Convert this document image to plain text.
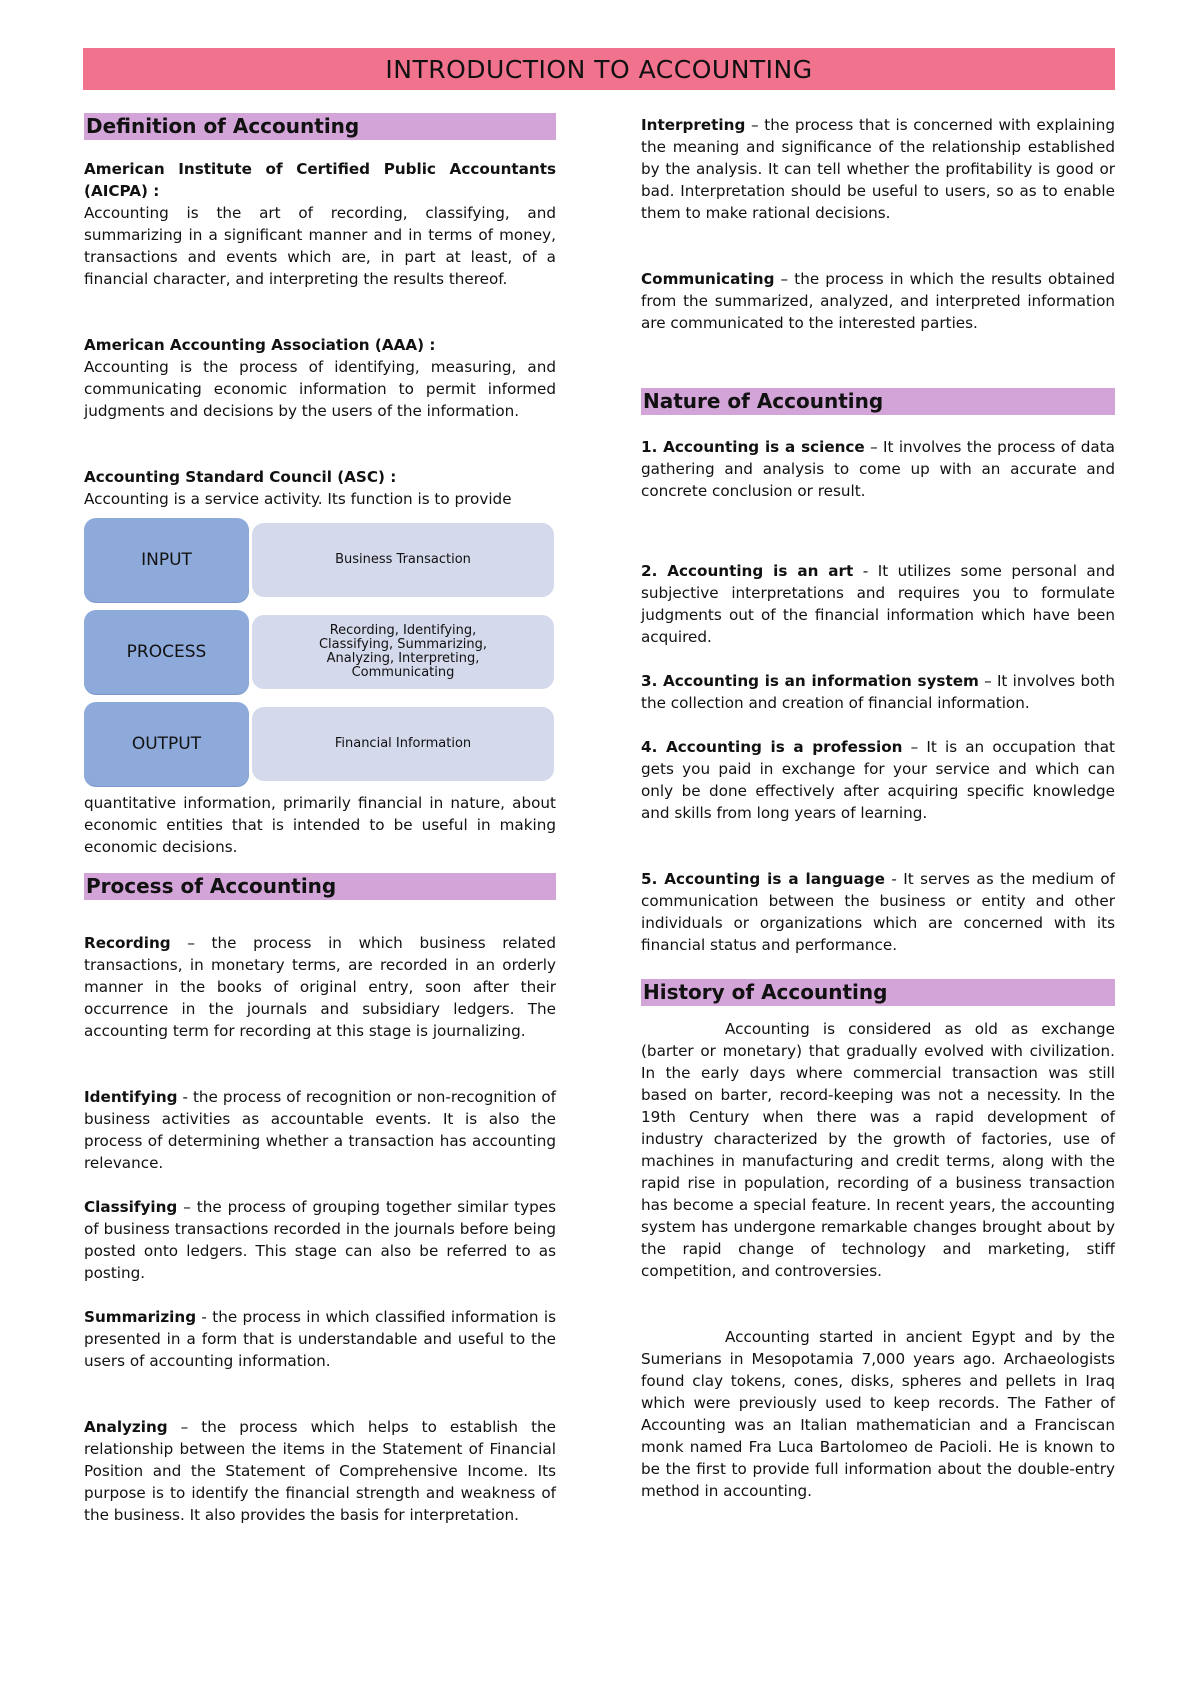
INTRODUCTION TO ACCOUNTING
Definition of Accounting

American Institute of Certified Public Accountants (AICPA) :
Accounting is the art of recording, classifying, and summarizing in a significant manner and in terms of money, transactions and events which are, in part at least, of a financial character, and interpreting the results thereof.

American Accounting Association (AAA) :
Accounting is the process of identifying, measuring, and communicating economic information to permit informed judgments and decisions by the users of the information.

Accounting Standard Council (ASC) :
Accounting is a service activity. Its function is to provide

INPUT	Business Transaction
PROCESS
Recording, Identifying, Classifying, Summarizing, Analyzing, Interpreting, Communicating
OUTPUT	Financial Information

quantitative information, primarily financial in nature, about economic entities that is intended to be useful in making economic decisions.

Process of Accounting

Recording – the process in which business related transactions, in monetary terms, are recorded in an orderly manner in the books of original entry, soon after their occurrence in the journals and subsidiary ledgers. The accounting term for recording at this stage is journalizing.

Identifying - the process of recognition or non-recognition of business activities as accountable events. It is also the process of determining whether a transaction has accounting relevance.

Classifying – the process of grouping together similar types of business transactions recorded in the journals before being posted onto ledgers. This stage can also be referred to as posting.

Summarizing - the process in which classified information is presented in a form that is understandable and useful to the users of accounting information.

Analyzing – the process which helps to establish the relationship between the items in the Statement of Financial Position and the Statement of Comprehensive Income. Its purpose is to identify the financial strength and weakness of the business. It also provides the basis for interpretation.

Interpreting – the process that is concerned with explaining the meaning and significance of the relationship established by the analysis. It can tell whether the profitability is good or bad. Interpretation should be useful to users, so as to enable them to make rational decisions.

Communicating – the process in which the results obtained from the summarized, analyzed, and interpreted information are communicated to the interested parties.

Nature of Accounting

1. Accounting is a science – It involves the process of data gathering and analysis to come up with an accurate and concrete conclusion or result.

2. Accounting is an art - It utilizes some personal and subjective interpretations and requires you to formulate judgments out of the financial information which have been acquired.

3. Accounting is an information system – It involves both the collection and creation of financial information.

4. Accounting is a profession – It is an occupation that gets you paid in exchange for your service and which can only be done effectively after acquiring specific knowledge and skills from long years of learning.

5. Accounting is a language - It serves as the medium of communication between the business or entity and other individuals or organizations which are concerned with its financial status and performance.

History of Accounting

Accounting is considered as old as exchange (barter or monetary) that gradually evolved with civilization. In the early days where commercial transaction was still based on barter, record-keeping was not a necessity. In the 19th Century when there was a rapid development of industry characterized by the growth of factories, use of machines in manufacturing and credit terms, along with the rapid rise in population, recording of a business transaction has become a special feature. In recent years, the accounting system has undergone remarkable changes brought about by the rapid change of technology and marketing, stiff competition, and controversies.

Accounting started in ancient Egypt and by the Sumerians in Mesopotamia 7,000 years ago. Archaeologists found clay tokens, cones, disks, spheres and pellets in Iraq which were previously used to keep records. The Father of Accounting was an Italian mathematician and a Franciscan monk named Fra Luca Bartolomeo de Pacioli. He is known to be the first to provide full information about the double-entry method in accounting.
